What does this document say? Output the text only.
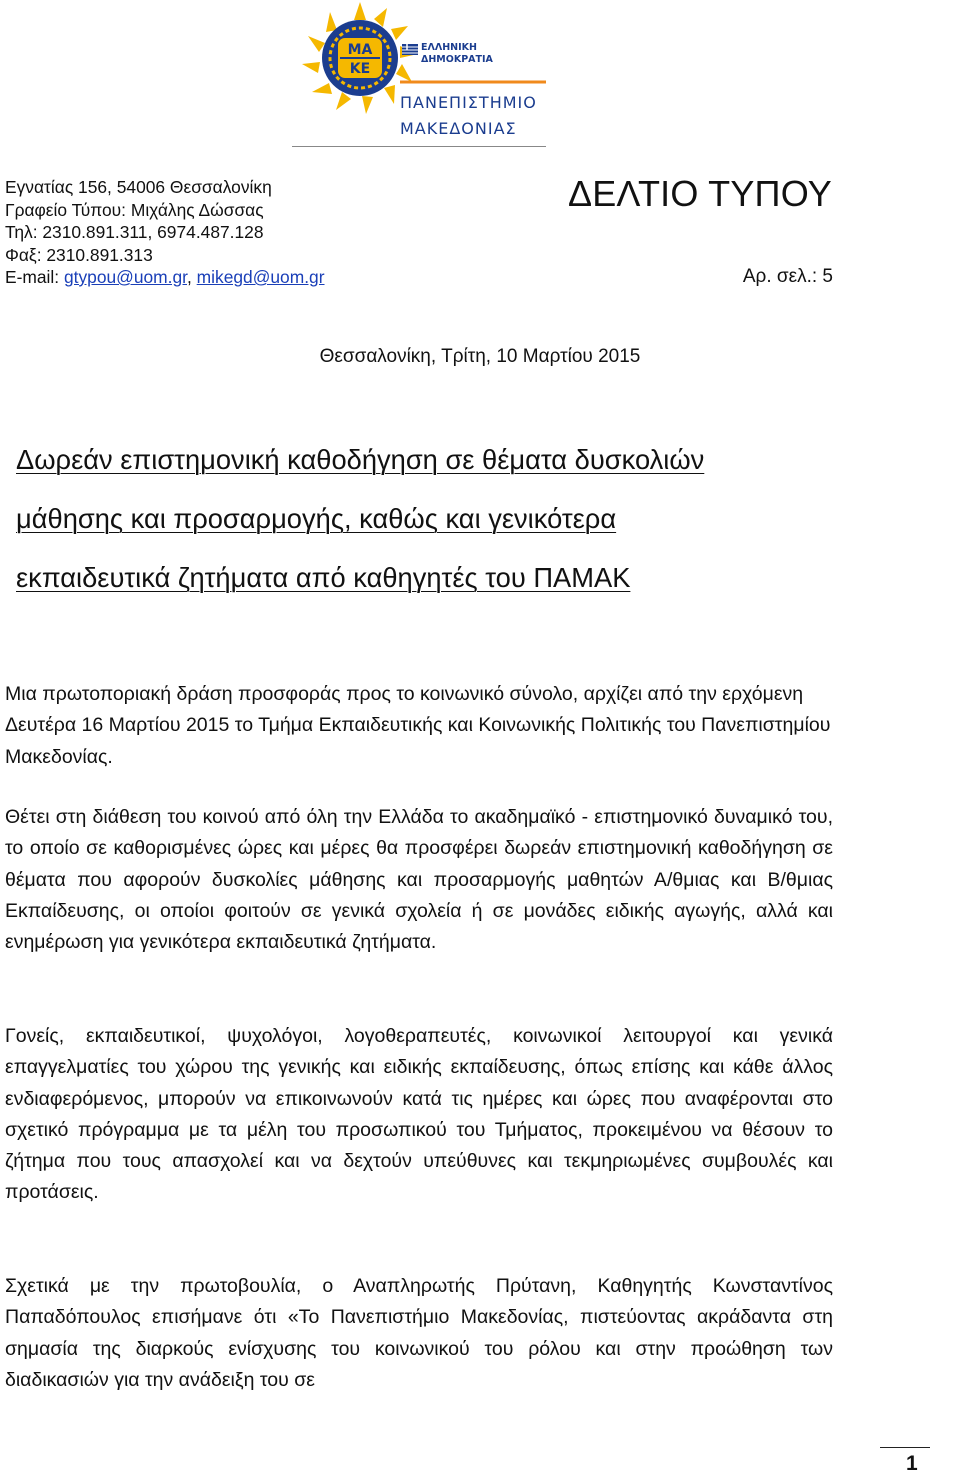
ΜΑ
ΚΕ
ΕΛΛΗΝΙΚΗ
ΔΗΜΟΚΡΑΤΙΑ
ΠΑΝΕΠΙΣΤΗΜΙΟ
ΜΑΚΕΔΟΝΙΑΣ
Εγνατίας 156, 54006 Θεσσαλονίκη
Γραφείο Τύπου: Μιχάλης Δώσσας
Τηλ: 2310.891.311, 6974.487.128
Φαξ: 2310.891.313
E-mail: gtypou@uom.gr, mikegd@uom.gr
ΔΕΛΤΙΟ ΤΥΠΟΥ
Αρ. σελ.: 5
Θεσσαλονίκη, Τρίτη, 10 Μαρτίου 2015
Δωρεάν επιστημονική καθοδήγηση σε θέματα δυσκολιών
μάθησης και προσαρμογής, καθώς και γενικότερα
εκπαιδευτικά ζητήματα από καθηγητές του ΠΑΜΑΚ

Μια πρωτοποριακή δράση προσφοράς προς το κοινωνικό σύνολο, αρχίζει από την ερχόμενη Δευτέρα 16 Μαρτίου 2015 το Τμήμα Εκπαιδευτικής και Κοινωνικής Πολιτικής του Πανεπιστημίου Μακεδονίας.

Θέτει στη διάθεση του κοινού από όλη την Ελλάδα το ακαδημαϊκό - επιστημονικό δυναμικό του, το οποίο σε καθορισμένες ώρες και μέρες θα προσφέρει δωρεάν επιστημονική καθοδήγηση σε θέματα που αφορούν δυσκολίες μάθησης και προσαρμογής μαθητών Α/θμιας και Β/θμιας Εκπαίδευσης, οι οποίοι φοιτούν σε γενικά σχολεία ή σε μονάδες ειδικής αγωγής, αλλά και ενημέρωση για γενικότερα εκπαιδευτικά ζητήματα.

Γονείς, εκπαιδευτικοί, ψυχολόγοι, λογοθεραπευτές, κοινωνικοί λειτουργοί και γενικά επαγγελματίες του χώρου της γενικής και ειδικής εκπαίδευσης, όπως επίσης και κάθε άλλος ενδιαφερόμενος, μπορούν να επικοινωνούν κατά τις ημέρες και ώρες που αναφέρονται στο σχετικό πρόγραμμα με τα μέλη του προσωπικού του Τμήματος, προκειμένου να θέσουν το ζήτημα που τους απασχολεί και να δεχτούν υπεύθυνες και τεκμηριωμένες συμβουλές και προτάσεις.

Σχετικά με την πρωτοβουλία, ο Αναπληρωτής Πρύτανη, Καθηγητής Κωνσταντίνος Παπαδόπουλος επισήμανε ότι «Το Πανεπιστήμιο Μακεδονίας, πιστεύοντας ακράδαντα στη σημασία της διαρκούς ενίσχυσης του κοινωνικού του ρόλου και στην προώθηση των διαδικασιών για την ανάδειξη του σε

1
